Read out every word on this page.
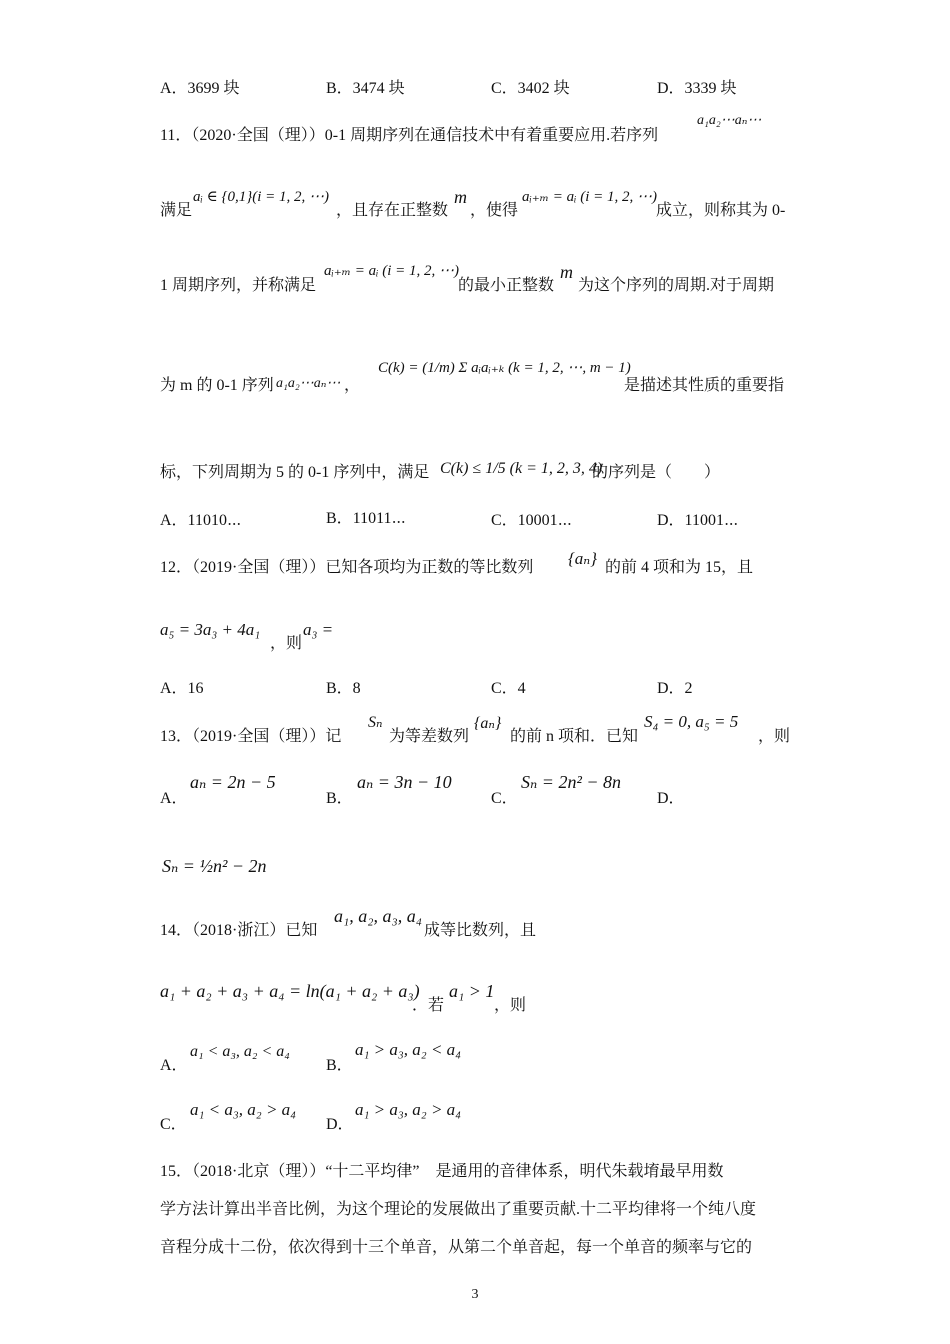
A．3699 块	B．3474 块	C．3402 块	D．3339 块
11．（2020·全国（理））0-1 周期序列在通信技术中有着重要应用.若序列
a₁a₂⋯aₙ⋯
满足
aᵢ ∈ {0,1}(i = 1, 2, ⋯)
，且存在正整数
m
，使得
aᵢ₊ₘ = aᵢ (i = 1, 2, ⋯)
成立，则称其为 0-
1 周期序列，并称满足
aᵢ₊ₘ = aᵢ (i = 1, 2, ⋯)
的最小正整数
m
为这个序列的周期.对于周期
为 m 的 0-1 序列 a₁a₂⋯aₙ⋯ ，
C(k) = (1/m) Σ aᵢaᵢ₊ₖ (k = 1, 2, ⋯, m − 1)
是描述其性质的重要指
标，下列周期为 5 的 0-1 序列中，满足 C(k) ≤ 1/5 (k = 1, 2, 3, 4)
的序列是（　　）
A．11010⋯	B．11011⋯	C．10001⋯	D．11001⋯
12．（2019·全国（理））已知各项均为正数的等比数列 {aₙ} 的前 4 项和为 15，且
a₅ = 3a₃ + 4a₁
，则
a₃ =
A．16	B．8	C．4	D．2
13．（2019·全国（理））记
Sₙ
为等差数列
{aₙ}
的前 n 项和．已知
S₄ = 0, a₅ = 5
，则
A．
aₙ = 2n − 5
B．
aₙ = 3n − 10
C．
Sₙ = 2n² − 8n
D．
Sₙ = ½n² − 2n
14．（2018·浙江）已知
a₁, a₂, a₃, a₄
成等比数列，且
a₁ + a₂ + a₃ + a₄ = ln(a₁ + a₂ + a₃)
．若
a₁ > 1
，则
A．
a₁ < a₃, a₂ < a₄
B．
a₁ > a₃, a₂ < a₄
C．
a₁ < a₃, a₂ > a₄
D．
a₁ > a₃, a₂ > a₄
15．（2018·北京（理））“十二平均律”　是通用的音律体系，明代朱载堉最早用数
学方法计算出半音比例，为这个理论的发展做出了重要贡献.十二平均律将一个纯八度
音程分成十二份，依次得到十三个单音，从第二个单音起，每一个单音的频率与它的
3
